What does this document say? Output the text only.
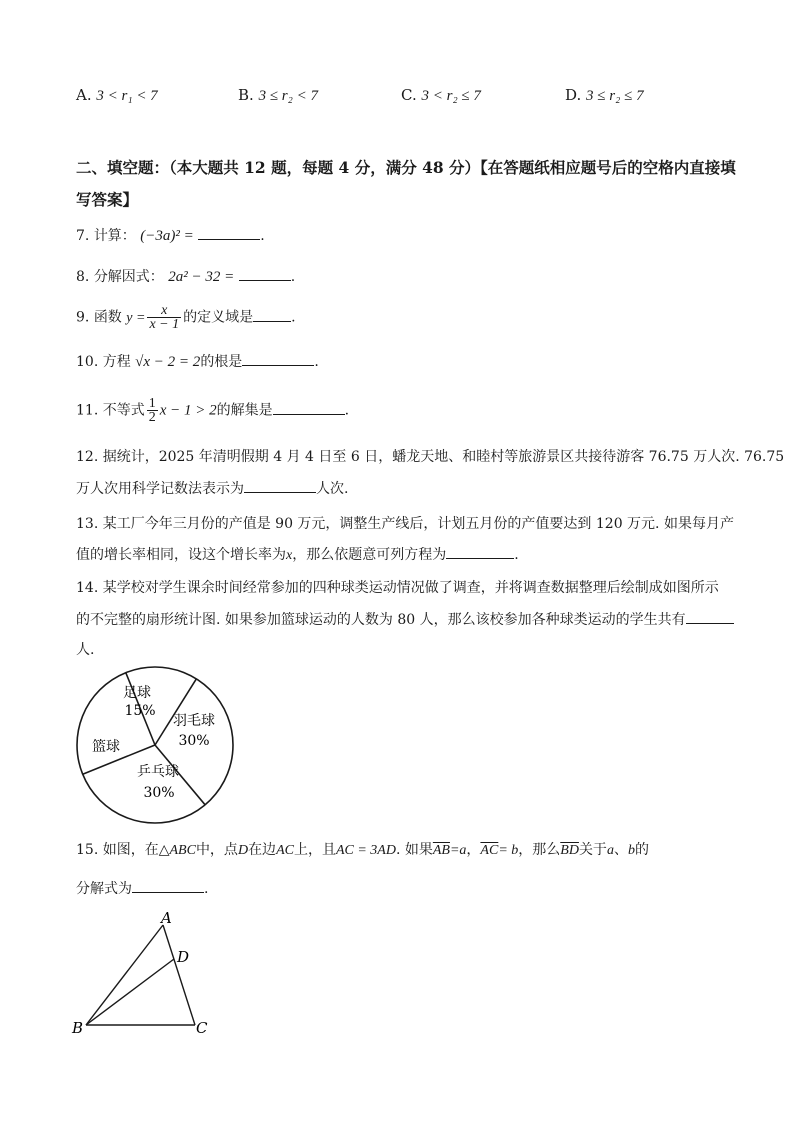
A. 3 < r₁ < 7	B. 3 ≤ r₂ < 7	C. 3 < r₂ ≤ 7	D. 3 ≤ r₂ ≤ 7
二、填空题：（本大题共 12 题，每题 4 分，满分 48 分）【在答题纸相应题号后的空格内直接填写答案】
7. 计算： (−3a)² =	.
8. 分解因式： 2a² − 32 =	.
9. 函数 $y = \frac{x}{x - 1}$ 的定义域是	.
10. 方程 √x − 2 = 2的根是	.
11. 不等式 $\frac{1}{2}$ x − 1 > 2的解集是	.
12. 据统计，2025 年清明假期 4 月 4 日至 6 日，蟠龙天地、和睦村等旅游景区共接待游客 76.75 万人次. 76.75
万人次用科学记数法表示为	人次.
13. 某工厂今年三月份的产值是 90 万元，调整生产线后，计划五月份的产值要达到 120 万元. 如果每月产
值的增长率相同，设这个增长率为x，那么依题意可列方程为	.
14. 某学校对学生课余时间经常参加的四种球类运动情况做了调查，并将调查数据整理后绘制成如图所示
的不完整的扇形统计图. 如果参加篮球运动的人数为 80 人，那么该校参加各种球类运动的学生共有
人.
足球
15%
羽毛球
30%
乒乓球
30%
篮球
15. 如图，在△ABC中，点D在边AC上，且AC = 3AD. 如果$\overline{AB}=a$，$\overline{AC}= b$，那么$\overline{BD}$关于a、b的
分解式为	.
A
D
B	C
